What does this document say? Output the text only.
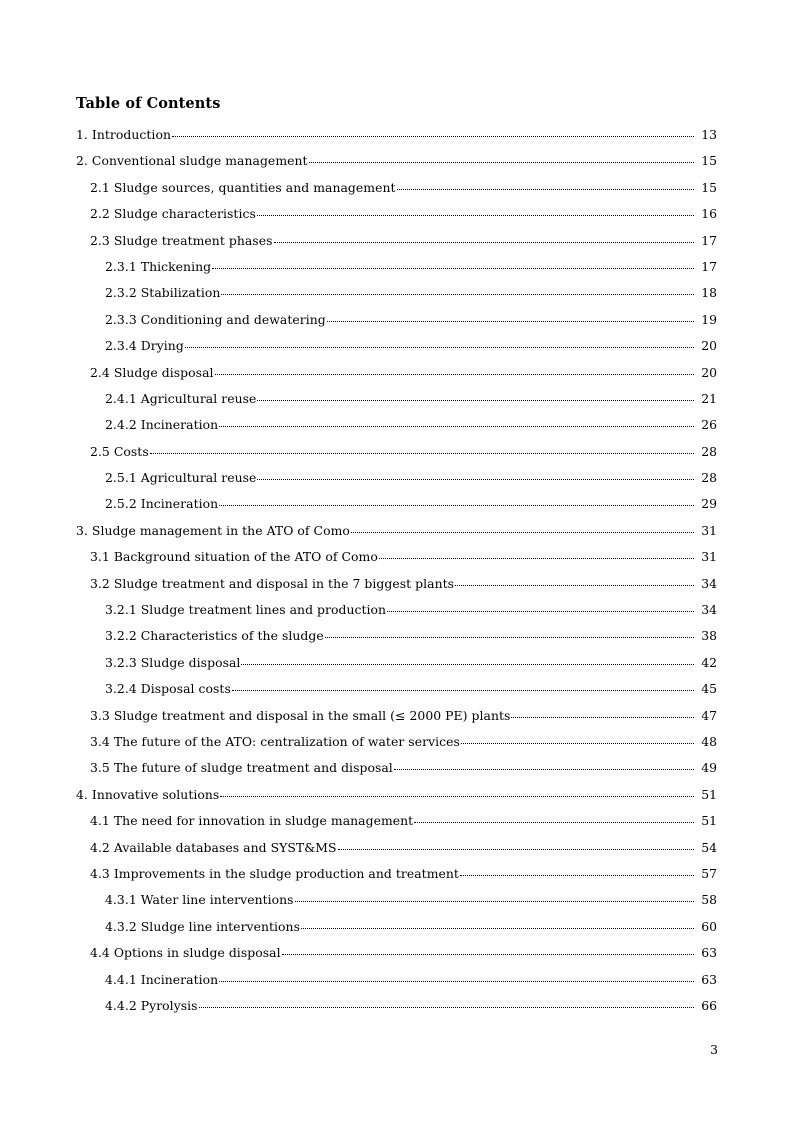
Table of Contents
1. Introduction	13
2. Conventional sludge management	15
2.1 Sludge sources, quantities and management	15
2.2 Sludge characteristics	16
2.3 Sludge treatment phases	17
2.3.1 Thickening	17
2.3.2 Stabilization	18
2.3.3 Conditioning and dewatering	19
2.3.4 Drying	20
2.4 Sludge disposal	20
2.4.1 Agricultural reuse	21
2.4.2 Incineration	26
2.5 Costs	28
2.5.1 Agricultural reuse	28
2.5.2 Incineration	29
3. Sludge management in the ATO of Como	31
3.1 Background situation of the ATO of Como	31
3.2 Sludge treatment and disposal in the 7 biggest plants	34
3.2.1 Sludge treatment lines and production	34
3.2.2 Characteristics of the sludge	38
3.2.3 Sludge disposal	42
3.2.4 Disposal costs	45
3.3 Sludge treatment and disposal in the small (≤ 2000 PE) plants	47
3.4 The future of the ATO: centralization of water services	48
3.5 The future of sludge treatment and disposal	49
4. Innovative solutions	51
4.1 The need for innovation in sludge management	51
4.2 Available databases and SYST&MS	54
4.3 Improvements in the sludge production and treatment	57
4.3.1 Water line interventions	58
4.3.2 Sludge line interventions	60
4.4 Options in sludge disposal	63
4.4.1 Incineration	63
4.4.2 Pyrolysis	66
3
